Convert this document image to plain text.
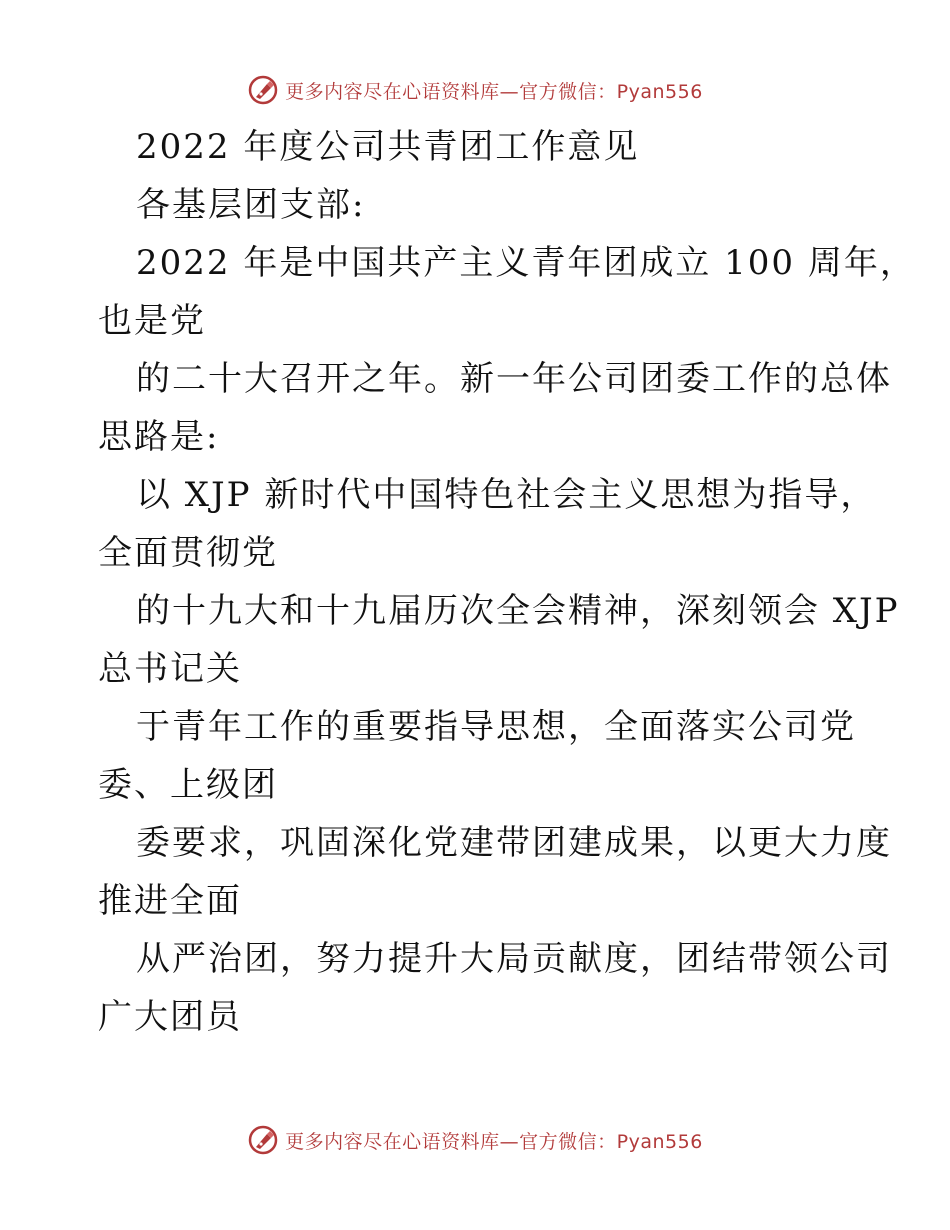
更多内容尽在心语资料库—官方微信：Pyan556
2022 年度公司共青团工作意见
各基层团支部:
2022 年是中国共产主义青年团成立 100 周年，
也是党
的二十大召开之年。新一年公司团委工作的总体
思路是:
以 XJP 新时代中国特色社会主义思想为指导，
全面贯彻党
的十九大和十九届历次全会精神，深刻领会 XJP
总书记关
于青年工作的重要指导思想，全面落实公司党
委、上级团
委要求，巩固深化党建带团建成果，以更大力度
推进全面
从严治团，努力提升大局贡献度，团结带领公司
广大团员
更多内容尽在心语资料库—官方微信：Pyan556
